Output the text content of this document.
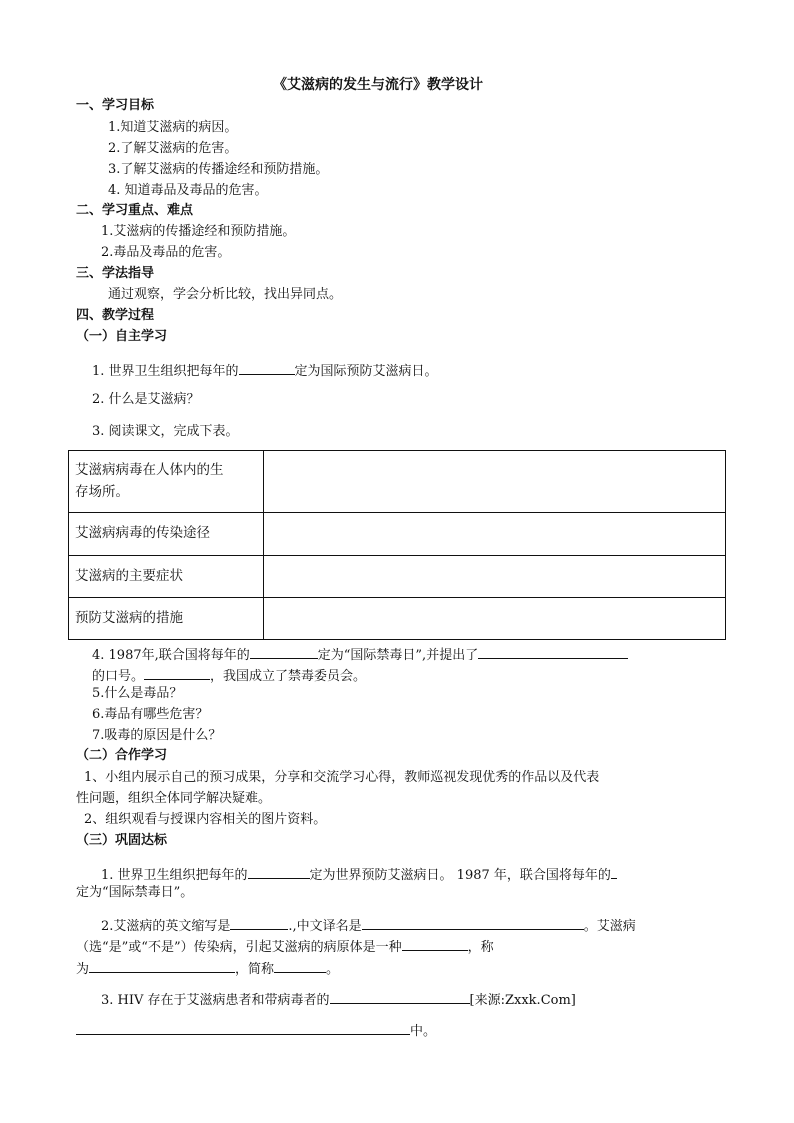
《艾滋病的发生与流行》教学设计
一、学习目标
1.知道艾滋病的病因。
2.了解艾滋病的危害。
3.了解艾滋病的传播途经和预防措施。
4. 知道毒品及毒品的危害。
二、学习重点、难点
1.艾滋病的传播途经和预防措施。
2.毒品及毒品的危害。
三、学法指导
通过观察，学会分析比较，找出异同点。
四、教学过程
（一）自主学习
1. 世界卫生组织把每年的	定为国际预防艾滋病日。
2. 什么是艾滋病？
3. 阅读课文，完成下表。
艾滋病病毒在人体内的生
存场所。	
艾滋病病毒的传染途径	
艾滋病的主要症状	
预防艾滋病的措施	
4. 1987年,联合国将每年的	定为“国际禁毒日”,并提出了
的口号。	，我国成立了禁毒委员会。
5.什么是毒品？
6.毒品有哪些危害？
7.吸毒的原因是什么？
（二）合作学习
1、小组内展示自己的预习成果，分享和交流学习心得，教师巡视发现优秀的作品以及代表
性问题，组织全体同学解决疑难。
2、组织观看与授课内容相关的图片资料。
（三）巩固达标
1. 世界卫生组织把每年的	定为世界预防艾滋病日。 1987 年，联合国将每年的
定为“国际禁毒日”。
2.艾滋病的英文缩写是	.,中文译名是	。艾滋病
（选“是”或“不是”）传染病，引起艾滋病的病原体是一种	，称
为	，简称	。
3. HIV 存在于艾滋病患者和带病毒者的	[来源:Zxxk.Com]
中。
